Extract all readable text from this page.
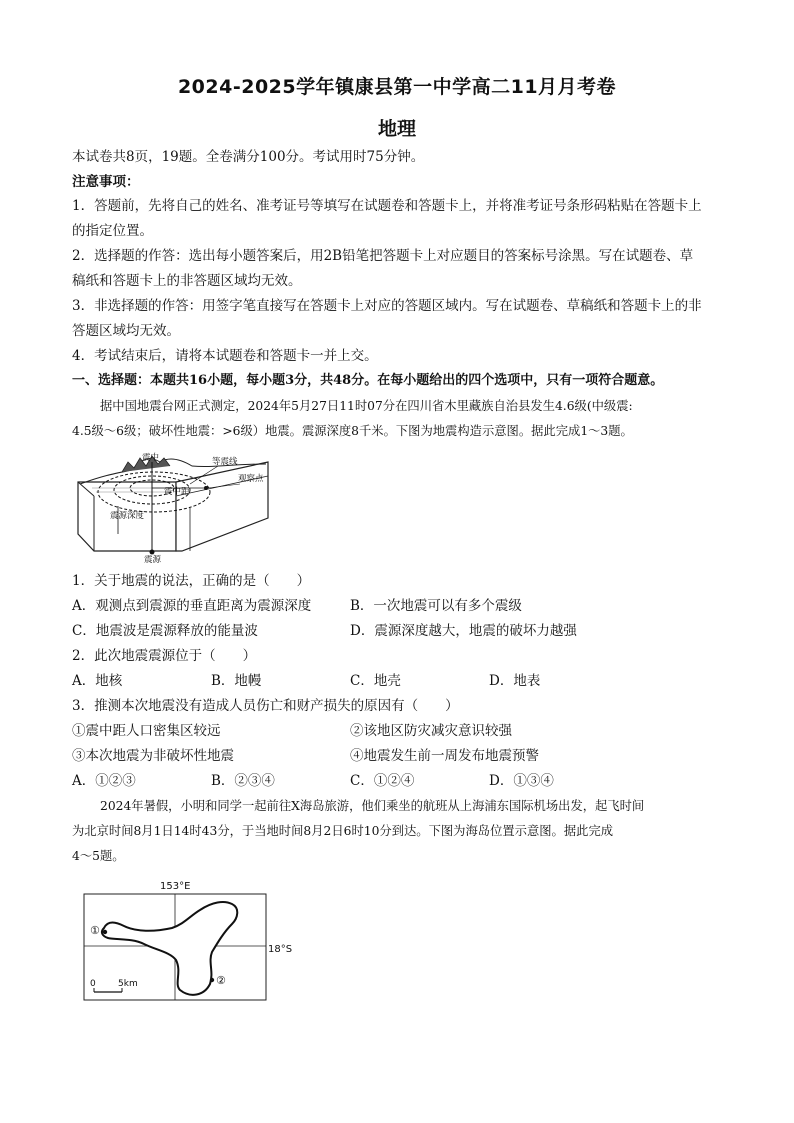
2024-2025学年镇康县第一中学高二11月月考卷
地理
本试卷共8页，19题。全卷满分100分。考试用时75分钟。
注意事项：
1．答题前，先将自己的姓名、准考证号等填写在试题卷和答题卡上，并将准考证号条形码粘贴在答题卡上
的指定位置。
2．选择题的作答：选出每小题答案后，用2B铅笔把答题卡上对应题目的答案标号涂黑。写在试题卷、草
稿纸和答题卡上的非答题区域均无效。
3．非选择题的作答：用签字笔直接写在答题卡上对应的答题区域内。写在试题卷、草稿纸和答题卡上的非
答题区域均无效。
4．考试结束后，请将本试题卷和答题卡一并上交。
一、选择题：本题共16小题，每小题3分，共48分。在每小题给出的四个选项中，只有一项符合题意。
据中国地震台网正式测定，2024年5月27日11时07分在四川省木里藏族自治县发生4.6级(中级震:
4.5级～6级；破坏性地震：>6级）地震。震源深度8千米。下图为地震构造示意图。据此完成1～3题。
震中	等震线
震中距
观察点
震源深度
震源
1．关于地震的说法，正确的是（　　）
A．观测点到震源的垂直距离为震源深度	B．一次地震可以有多个震级
C．地震波是震源释放的能量波	D．震源深度越大，地震的破坏力越强
2．此次地震震源位于（　　）
A．地核	B．地幔	C．地壳	D．地表
3．推测本次地震没有造成人员伤亡和财产损失的原因有（　　）
①震中距人口密集区较远	②该地区防灾减灾意识较强
③本次地震为非破坏性地震	④地震发生前一周发布地震预警
A．①②③	B．②③④	C．①②④	D．①③④
2024年暑假，小明和同学一起前往X海岛旅游，他们乘坐的航班从上海浦东国际机场出发，起飞时间
为北京时间8月1日14时43分，于当地时间8月2日6时10分到达。下图为海岛位置示意图。据此完成
4～5题。
153°E
18°S
①
②
0 5km
